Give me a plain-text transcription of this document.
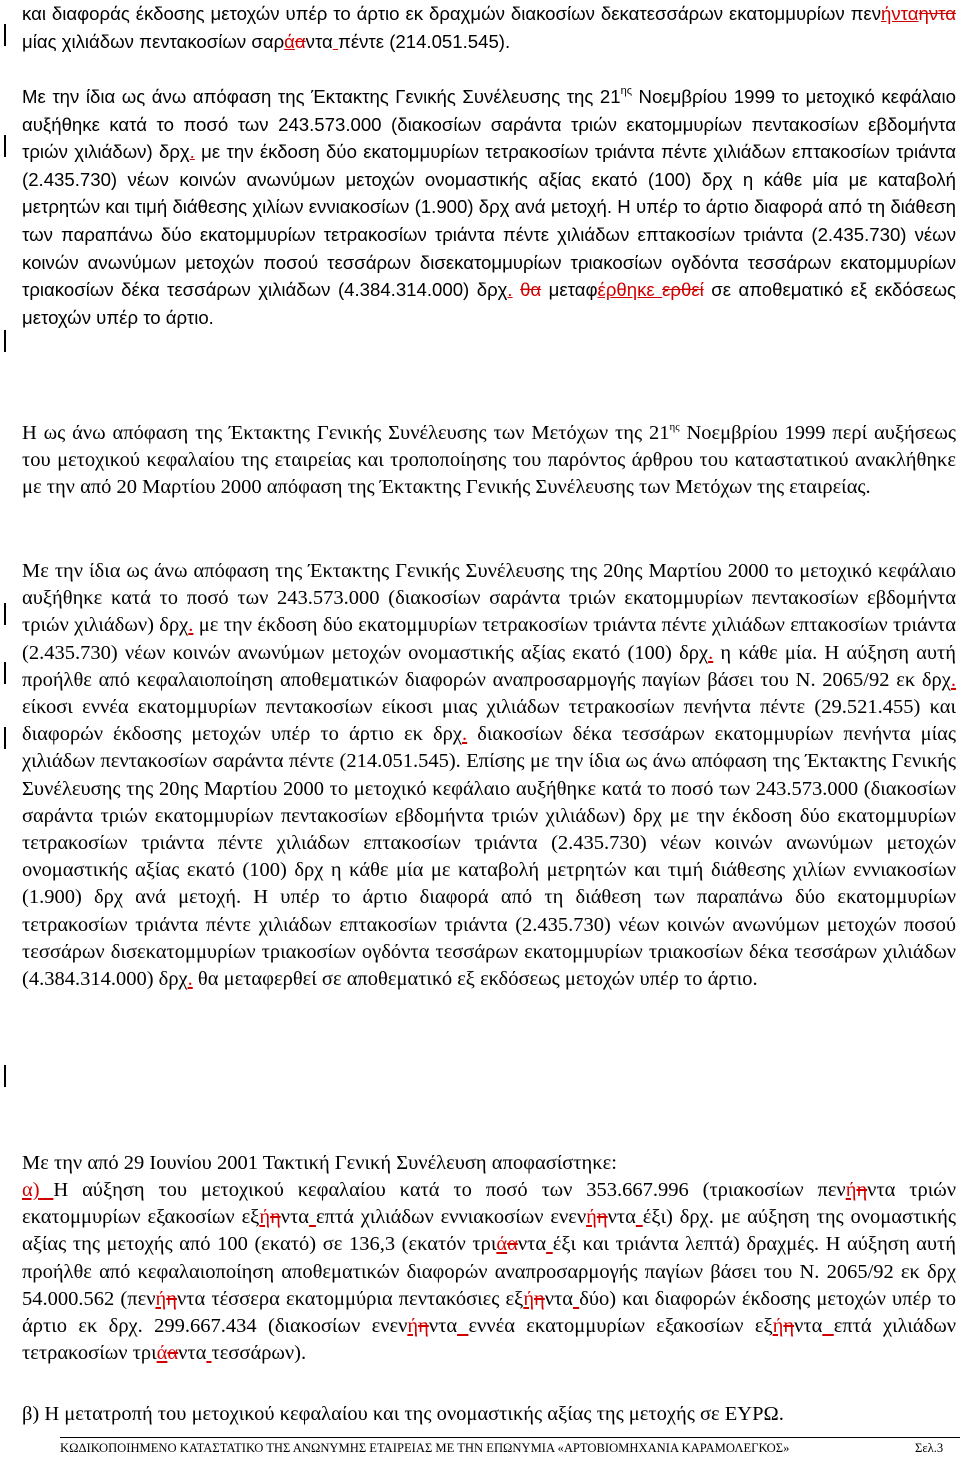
και διαφοράς έκδοσης μετοχών υπέρ το άρτιο εκ δραχμών διακοσίων δεκατεσσάρων εκατομμυρίων πενήνταηντα μίας χιλιάδων πεντακοσίων σαράαντα πέντε (214.051.545).
Με την ίδια ως άνω απόφαση της Έκτακτης Γενικής Συνέλευσης της $21^{\eta\varsigma}$ Νοεμβρίου 1999 το μετοχικό κεφάλαιο αυξήθηκε κατά το ποσό των 243.573.000 (διακοσίων σαράντα τριών εκατομμυρίων πεντακοσίων εβδομήντα τριών χιλιάδων) δρχ. με την έκδοση δύο εκατομμυρίων τετρακοσίων τριάντα πέντε χιλιάδων επτακοσίων τριάντα (2.435.730) νέων κοινών ανωνύμων μετοχών ονομαστικής αξίας εκατό (100) δρχ η κάθε μία με καταβολή μετρητών και τιμή διάθεσης χιλίων εννιακοσίων (1.900) δρχ ανά μετοχή. Η υπέρ το άρτιο διαφορά από τη διάθεση των παραπάνω δύο εκατομμυρίων τετρακοσίων τριάντα πέντε χιλιάδων επτακοσίων τριάντα (2.435.730) νέων κοινών ανωνύμων μετοχών ποσού τεσσάρων δισεκατομμυρίων τριακοσίων ογδόντα τεσσάρων εκατομμυρίων τριακοσίων δέκα τεσσάρων χιλιάδων (4.384.314.000) δρχ. θα μεταφέρθηκε ερθεί σε αποθεματικό εξ εκδόσεως μετοχών υπέρ το άρτιο.
Η ως άνω απόφαση της Έκτακτης Γενικής Συνέλευσης των Μετόχων της $21^{\eta\varsigma}$ Νοεμβρίου 1999 περί αυξήσεως του μετοχικού κεφαλαίου της εταιρείας και τροποποίησης του παρόντος άρθρου του καταστατικού ανακλήθηκε με την από 20 Μαρτίου 2000 απόφαση της Έκτακτης Γενικής Συνέλευσης των Μετόχων της εταιρείας.
Με την ίδια ως άνω απόφαση της Έκτακτης Γενικής Συνέλευσης της 20ης Μαρτίου 2000 το μετοχικό κεφάλαιο αυξήθηκε κατά το ποσό των 243.573.000 (διακοσίων σαράντα τριών εκατομμυρίων πεντακοσίων εβδομήντα τριών χιλιάδων) δρχ. με την έκδοση δύο εκατομμυρίων τετρακοσίων τριάντα πέντε χιλιάδων επτακοσίων τριάντα (2.435.730) νέων κοινών ανωνύμων μετοχών ονομαστικής αξίας εκατό (100) δρχ. η κάθε μία. Η αύξηση αυτή προήλθε από κεφαλαιοποίηση αποθεματικών διαφορών αναπροσαρμογής παγίων βάσει του Ν. 2065/92 εκ δρχ. είκοσι εννέα εκατομμυρίων πεντακοσίων είκοσι μιας χιλιάδων τετρακοσίων πενήντα πέντε (29.521.455) και διαφορών έκδοσης μετοχών υπέρ το άρτιο εκ δρχ. διακοσίων δέκα τεσσάρων εκατομμυρίων πενήντα μίας χιλιάδων πεντακοσίων σαράντα πέντε (214.051.545). Επίσης με την ίδια ως άνω απόφαση της Έκτακτης Γενικής Συνέλευσης της 20ης Μαρτίου 2000 το μετοχικό κεφάλαιο αυξήθηκε κατά το ποσό των 243.573.000 (διακοσίων σαράντα τριών εκατομμυρίων πεντακοσίων εβδομήντα τριών χιλιάδων) δρχ με την έκδοση δύο εκατομμυρίων τετρακοσίων τριάντα πέντε χιλιάδων επτακοσίων τριάντα (2.435.730) νέων κοινών ανωνύμων μετοχών ονομαστικής αξίας εκατό (100) δρχ η κάθε μία με καταβολή μετρητών και τιμή διάθεσης χιλίων εννιακοσίων (1.900) δρχ ανά μετοχή. Η υπέρ το άρτιο διαφορά από τη διάθεση των παραπάνω δύο εκατομμυρίων τετρακοσίων τριάντα πέντε χιλιάδων επτακοσίων τριάντα (2.435.730) νέων κοινών ανωνύμων μετοχών ποσού τεσσάρων δισεκατομμυρίων τριακοσίων ογδόντα τεσσάρων εκατομμυρίων τριακοσίων δέκα τεσσάρων χιλιάδων (4.384.314.000) δρχ. θα μεταφερθεί σε αποθεματικό εξ εκδόσεως μετοχών υπέρ το άρτιο.
Με την από 29 Ιουνίου 2001 Τακτική Γενική Συνέλευση αποφασίστηκε:
α) Η αύξηση του μετοχικού κεφαλαίου κατά το ποσό των 353.667.996 (τριακοσίων πενήηντα τριών εκατομμυρίων εξακοσίων εξήηντα επτά χιλιάδων εννιακοσίων ενενήηντα έξι) δρχ. με αύξηση της ονομαστικής αξίας της μετοχής από 100 (εκατό) σε 136,3 (εκατόν τριάαντα έξι και τριάντα λεπτά) δραχμές. Η αύξηση αυτή προήλθε από κεφαλαιοποίηση αποθεματικών διαφορών αναπροσαρμογής παγίων βάσει του Ν. 2065/92 εκ δρχ 54.000.562 (πενήηντα τέσσερα εκατομμύρια πεντακόσιες εξήηντα δύο) και διαφορών έκδοσης μετοχών υπέρ το άρτιο εκ δρχ. 299.667.434 (διακοσίων ενενήηντα εννέα εκατομμυρίων εξακοσίων εξήηντα επτά χιλιάδων τετρακοσίων τριάαντα τεσσάρων).
β) Η μετατροπή του μετοχικού κεφαλαίου και της ονομαστικής αξίας της μετοχής σε ΕΥΡΩ.
ΚΩΔΙΚΟΠΟΙΗΜΕΝΟ ΚΑΤΑΣΤΑΤΙΚΟ ΤΗΣ ΑΝΩΝΥΜΗΣ ΕΤΑΙΡΕΙΑΣ ΜΕ ΤΗΝ ΕΠΩΝΥΜΙΑ «ΑΡΤΟΒΙΟΜΗΧΑΝΙΑ ΚΑΡΑΜΟΛΕΓΚΟΣ»	Σελ.3
